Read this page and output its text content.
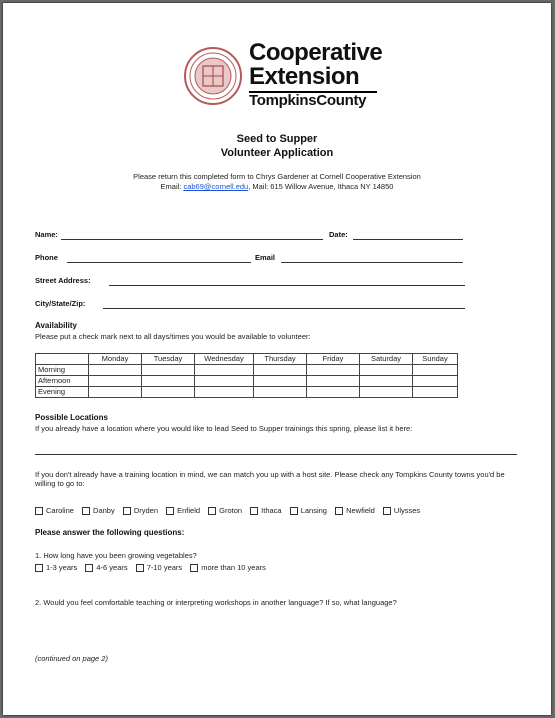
Cooperative
Extension
TompkinsCounty
Seed to Supper
Volunteer Application
Please return this completed form to Chrys Gardener at Cornell Cooperative Extension
Email: cab69@cornell.edu, Mail: 615 Willow Avenue, Ithaca NY 14850
Name:	Date:
Phone	Email
Street Address:
City/State/Zip:
Availability
Please put a check mark next to all days/times you would be available to volunteer:
	Monday	Tuesday	Wednesday	Thursday	Friday	Saturday	Sunday
Morning							
Afternoon							
Evening							
Possible Locations
If you already have a location where you would like to lead Seed to Supper trainings this spring, please list it here:
If you don't already have a training location in mind, we can match you up with a host site. Please check any Tompkins County towns you'd be willing to go to:
Caroline	Danby	Dryden	Enfield	Groton	Ithaca	Lansing	Newfield	Ulysses
Please answer the following questions:
1. How long have you been growing vegetables?
1-3 years	4-6 years	7-10 years	more than 10 years
2. Would you feel comfortable teaching or interpreting workshops in another language? If so, what language?
(continued on page 2)
